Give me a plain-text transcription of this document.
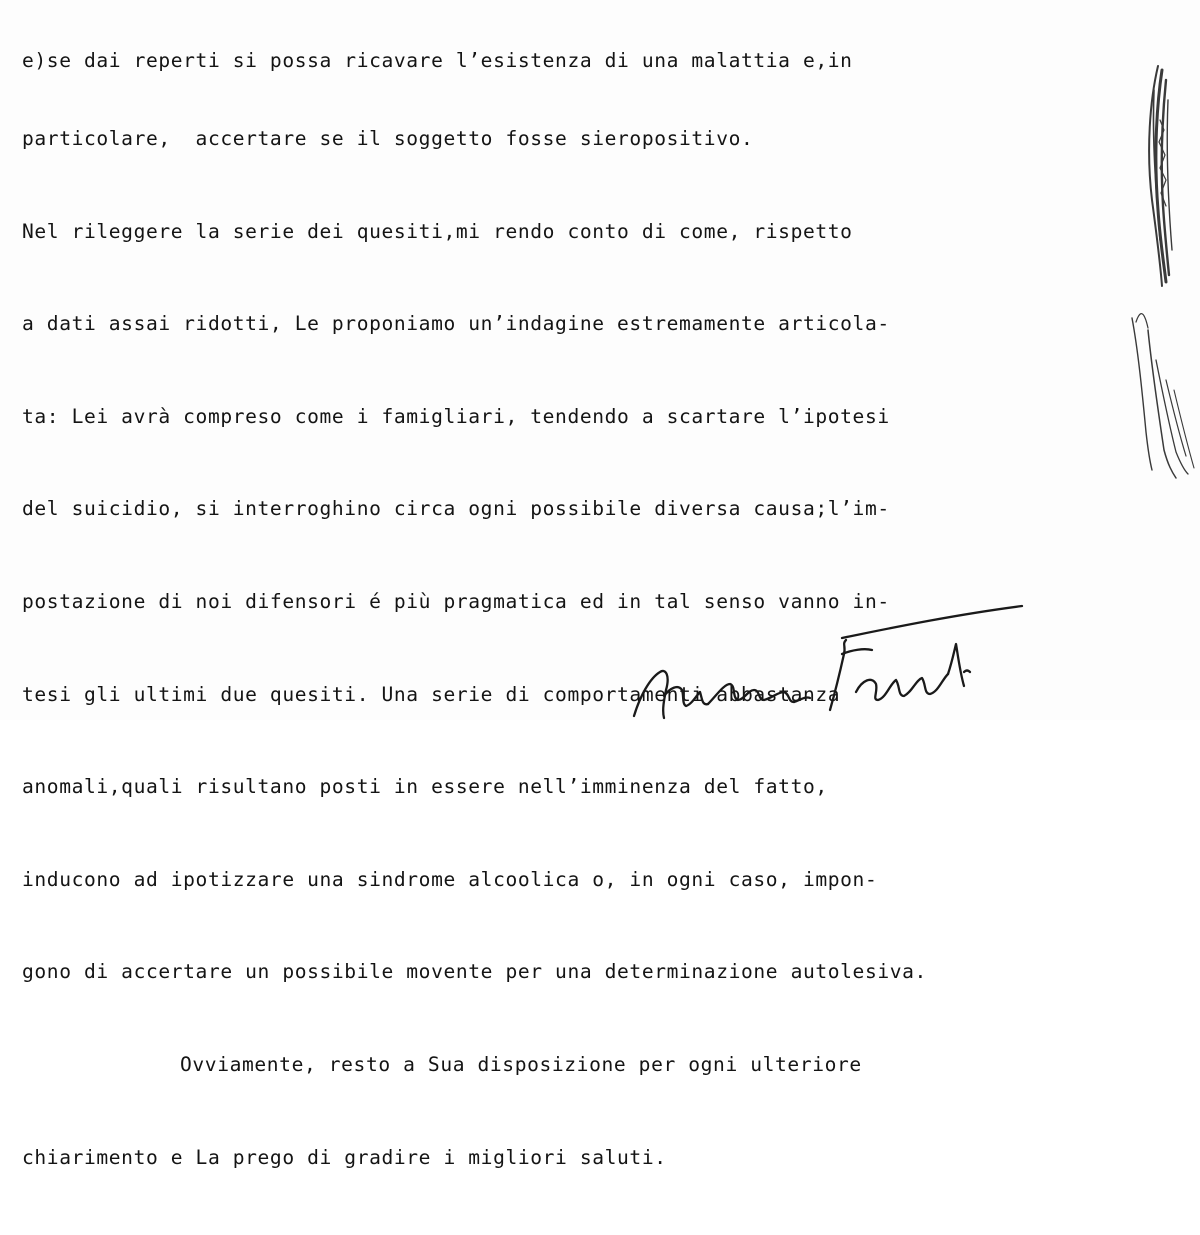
e)se dai reperti si possa ricavare l’esistenza di una malattia e,in

particolare,  accertare se il soggetto fosse sieropositivo.

Nel rileggere la serie dei quesiti,mi rendo conto di come, rispetto

a dati assai ridotti, Le proponiamo un’indagine estremamente articola-

ta: Lei avrà compreso come i famigliari, tendendo a scartare l’ipotesi

del suicidio, si interroghino circa ogni possibile diversa causa;l’im-

postazione di noi difensori é più pragmatica ed in tal senso vanno in-

tesi gli ultimi due quesiti. Una serie di comportamenti abbastanza

anomali,quali risultano posti in essere nell’imminenza del fatto,

inducono ad ipotizzare una sindrome alcoolica o, in ogni caso, impon-

gono di accertare un possibile movente per una determinazione autolesiva.

Ovviamente, resto a Sua disposizione per ogni ulteriore

chiarimento e La prego di gradire i migliori saluti.
